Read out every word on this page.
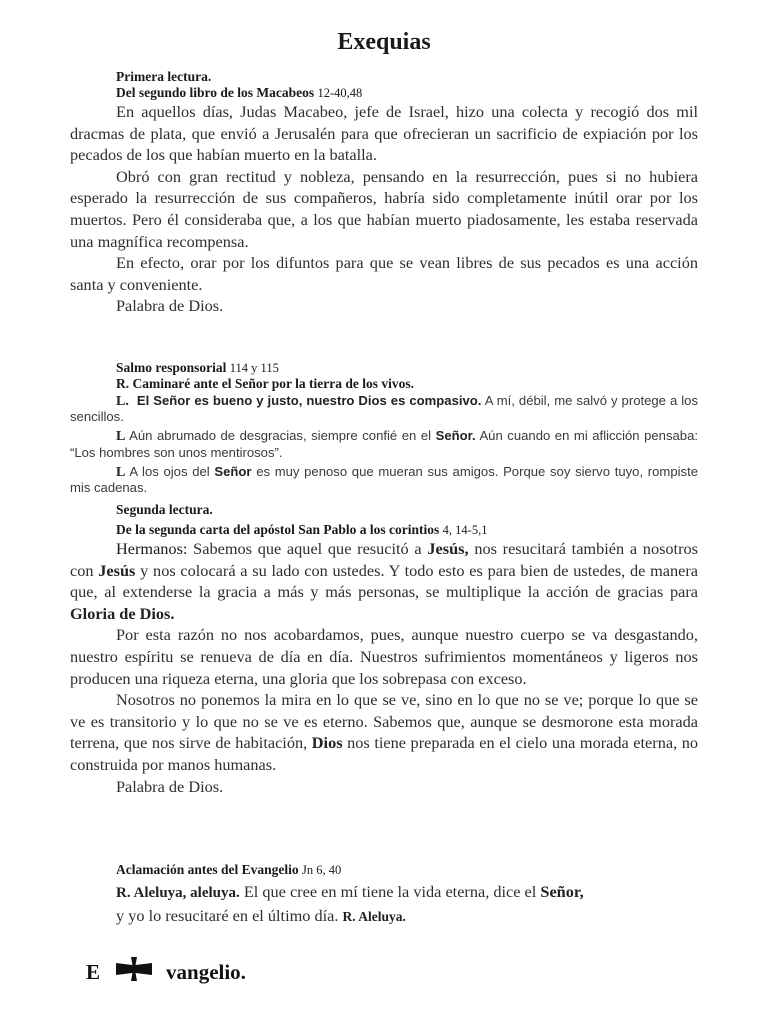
Exequias
Primera lectura.
Del segundo libro de los Macabeos 12-40,48

En aquellos días, Judas Macabeo, jefe de Israel, hizo una colecta y recogió dos mil dracmas de plata, que envió a Jerusalén para que ofrecieran un sacrificio de expiación por los pecados de los que habían muerto en la batalla.

Obró con gran rectitud y nobleza, pensando en la resurrección, pues si no hubiera esperado la resurrección de sus compañeros, habría sido completamente inútil orar por los muertos. Pero él consideraba que, a los que habían muerto piadosamente, les estaba reservada una magnífica recompensa.

En efecto, orar por los difuntos para que se vean libres de sus pecados es una acción santa y conveniente.

Palabra de Dios.

Salmo responsorial 114 y 115
R. Caminaré ante el Señor por la tierra de los vivos.

L. El Señor es bueno y justo, nuestro Dios es compasivo. A mí, débil, me salvó y protege a los sencillos.

L Aún abrumado de desgracias, siempre confié en el Señor. Aún cuando en mi aflicción pensaba: “Los hombres son unos mentirosos”.

L A los ojos del Señor es muy penoso que mueran sus amigos. Porque soy siervo tuyo, rompiste mis cadenas.

Segunda lectura.
De la segunda carta del apóstol San Pablo a los corintios 4, 14-5,1

Hermanos: Sabemos que aquel que resucitó a Jesús, nos resucitará también a nosotros con Jesús y nos colocará a su lado con ustedes. Y todo esto es para bien de ustedes, de manera que, al extenderse la gracia a más y más personas, se multiplique la acción de gracias para Gloria de Dios.

Por esta razón no nos acobardamos, pues, aunque nuestro cuerpo se va desgastando, nuestro espíritu se renueva de día en día. Nuestros sufrimientos momentáneos y ligeros nos producen una riqueza eterna, una gloria que los sobrepasa con exceso.

Nosotros no ponemos la mira en lo que se ve, sino en lo que no se ve; porque lo que se ve es transitorio y lo que no se ve es eterno. Sabemos que, aunque se desmorone esta morada terrena, que nos sirve de habitación, Dios nos tiene preparada en el cielo una morada eterna, no construida por manos humanas.

Palabra de Dios.

Aclamación antes del Evangelio Jn 6, 40

R. Aleluya, aleluya. El que cree en mí tiene la vida eterna, dice el Señor,

y yo lo resucitaré en el último día. R. Aleluya.

E	vangelio.
